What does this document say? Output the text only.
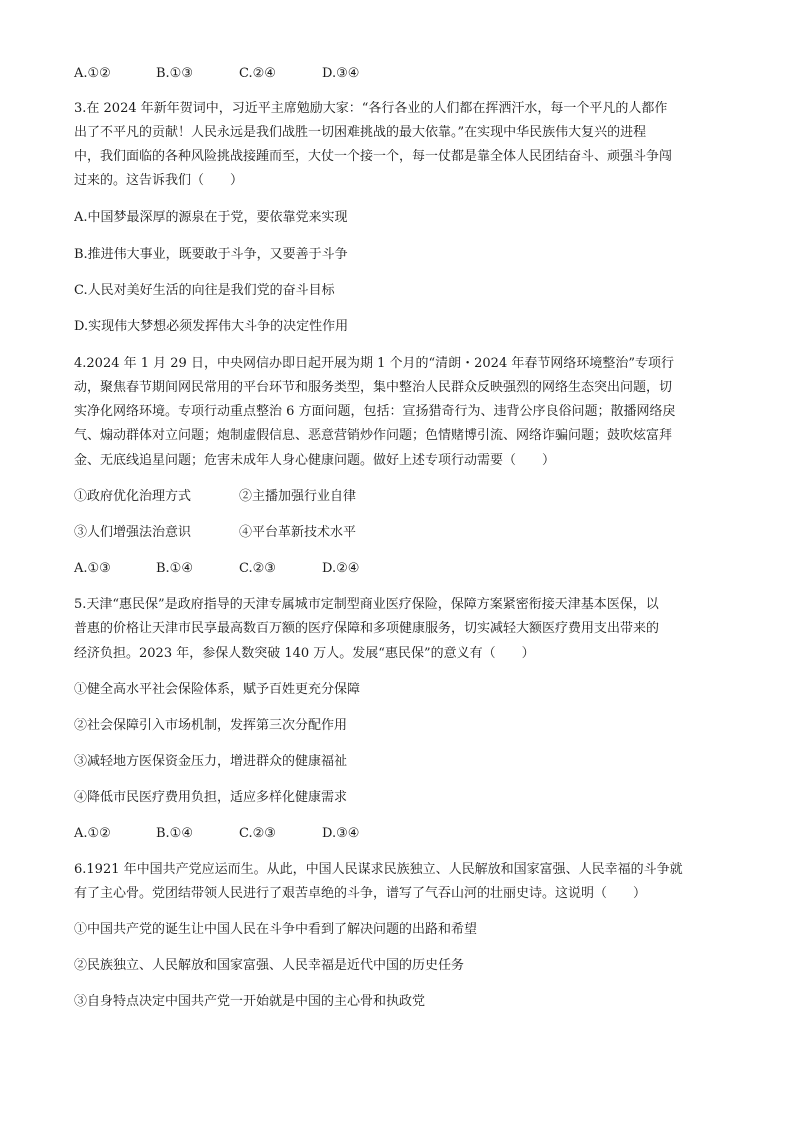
A.①②	B.①③	C.②④	D.③④
3.在 2024 年新年贺词中，习近平主席勉励大家：“各行各业的人们都在挥洒汗水，每一个平凡的人都作
出了不平凡的贡献！人民永远是我们战胜一切困难挑战的最大依靠。”在实现中华民族伟大复兴的进程
中，我们面临的各种风险挑战接踵而至，大仗一个接一个，每一仗都是靠全体人民团结奋斗、顽强斗争闯
过来的。这告诉我们（　　）
A.中国梦最深厚的源泉在于党，要依靠党来实现
B.推进伟大事业，既要敢于斗争，又要善于斗争
C.人民对美好生活的向往是我们党的奋斗目标
D.实现伟大梦想必须发挥伟大斗争的决定性作用
4.2024 年 1 月 29 日，中央网信办即日起开展为期 1 个月的“清朗・2024 年春节网络环境整治”专项行
动，聚焦春节期间网民常用的平台环节和服务类型，集中整治人民群众反映强烈的网络生态突出问题，切
实净化网络环境。专项行动重点整治 6 方面问题，包括：宣扬猎奇行为、违背公序良俗问题；散播网络戾
气、煽动群体对立问题；炮制虚假信息、恶意营销炒作问题；色情赌博引流、网络诈骗问题；鼓吹炫富拜
金、无底线追星问题；危害未成年人身心健康问题。做好上述专项行动需要（　　）
①政府优化治理方式	②主播加强行业自律
③人们增强法治意识	④平台革新技术水平
A.①③	B.①④	C.②③	D.②④
5.天津“惠民保”是政府指导的天津专属城市定制型商业医疗保险，保障方案紧密衔接天津基本医保，以
普惠的价格让天津市民享最高数百万额的医疗保障和多项健康服务，切实减轻大额医疗费用支出带来的
经济负担。2023 年，参保人数突破 140 万人。发展“惠民保”的意义有（　　）
①健全高水平社会保险体系，赋予百姓更充分保障
②社会保障引入市场机制，发挥第三次分配作用
③减轻地方医保资金压力，增进群众的健康福祉
④降低市民医疗费用负担，适应多样化健康需求
A.①②	B.①④	C.②③	D.③④
6.1921 年中国共产党应运而生。从此，中国人民谋求民族独立、人民解放和国家富强、人民幸福的斗争就
有了主心骨。党团结带领人民进行了艰苦卓绝的斗争，谱写了气吞山河的壮丽史诗。这说明（　　）
①中国共产党的诞生让中国人民在斗争中看到了解决问题的出路和希望
②民族独立、人民解放和国家富强、人民幸福是近代中国的历史任务
③自身特点决定中国共产党一开始就是中国的主心骨和执政党
